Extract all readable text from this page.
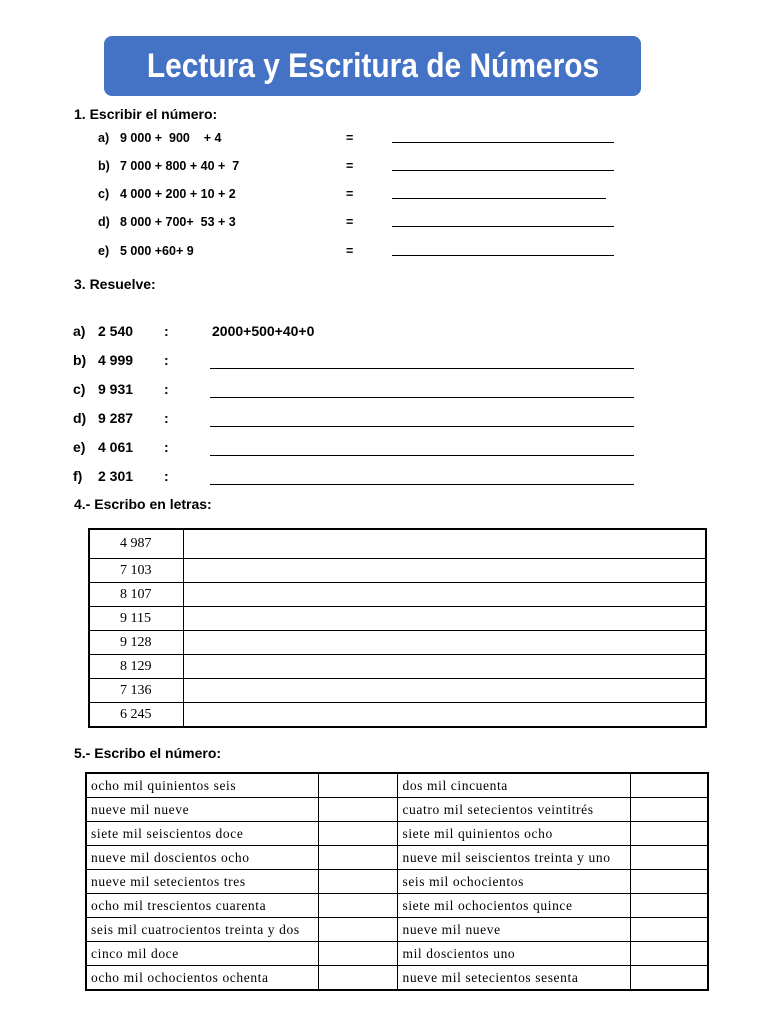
Lectura y Escritura de Números
1. Escribir el número:
a) 9 000 +  900    + 4	=
b) 7 000 + 800 + 40 +  7	=
c) 4 000 + 200 + 10 + 2	=
d) 8 000 + 700+  53 + 3	=
e) 5 000 +60+ 9	=
3. Resuelve:
a) 2 540 :	2000+500+40+0
b) 4 999 :
c) 9 931 :
d) 9 287 :
e) 4 061 :
f) 2 301 :
4.- Escribo en letras:
4 987	
7 103	
8 107	
9 115	
9 128	
8 129	
7 136	
6 245	
5.- Escribo el número:
ocho mil quinientos seis		dos mil cincuenta	
nueve mil nueve		cuatro mil setecientos veintitrés	
siete mil seiscientos doce		siete mil quinientos ocho	
nueve mil doscientos ocho		nueve mil seiscientos treinta y uno	
nueve mil setecientos tres		seis mil ochocientos	
ocho mil trescientos cuarenta		siete mil ochocientos quince	
seis mil cuatrocientos treinta y dos		nueve mil nueve	
cinco mil doce		mil doscientos uno	
ocho mil ochocientos ochenta		nueve mil setecientos sesenta	
